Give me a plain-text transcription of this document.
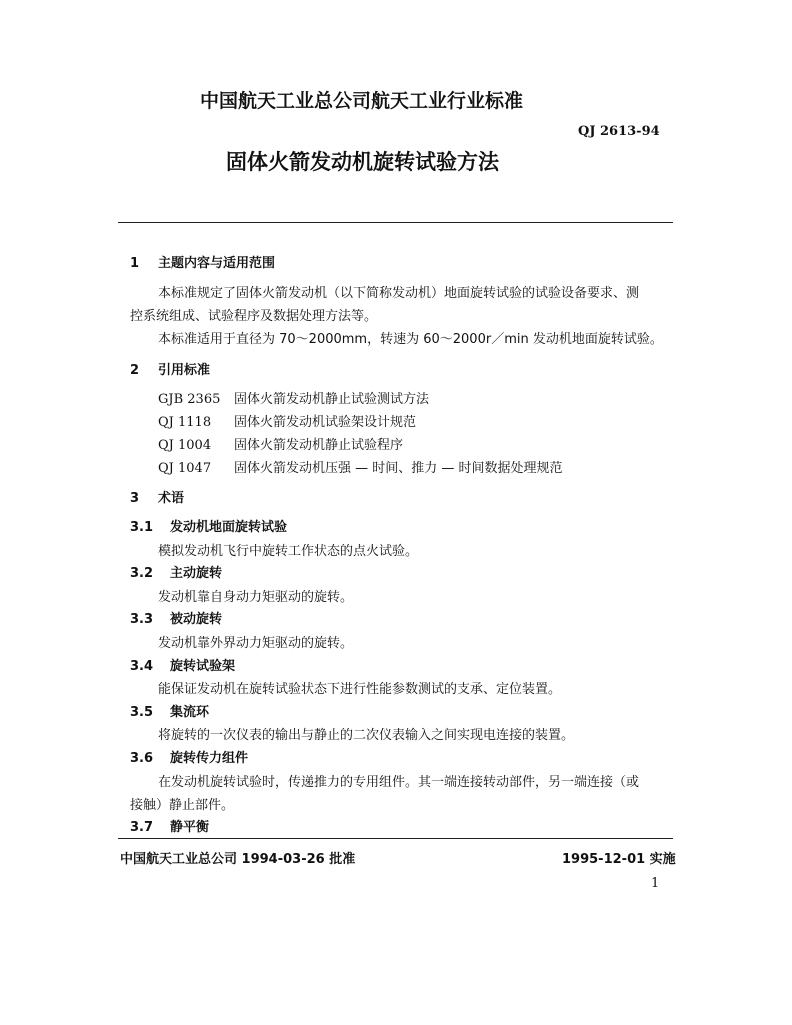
中国航天工业总公司航天工业行业标准
QJ 2613-94
固体火箭发动机旋转试验方法
1 主题内容与适用范围
本标准规定了固体火箭发动机（以下简称发动机）地面旋转试验的试验设备要求、测
控系统组成、试验程序及数据处理方法等。
本标准适用于直径为 70～2000mm，转速为 60～2000r／min 发动机地面旋转试验。
2 引用标准
GJB 2365 固体火箭发动机静止试验测试方法
QJ 1118 固体火箭发动机试验架设计规范
QJ 1004 固体火箭发动机静止试验程序
QJ 1047 固体火箭发动机压强 — 时间、推力 — 时间数据处理规范
3 术语
3.1 发动机地面旋转试验
模拟发动机飞行中旋转工作状态的点火试验。
3.2 主动旋转
发动机靠自身动力矩驱动的旋转。
3.3 被动旋转
发动机靠外界动力矩驱动的旋转。
3.4 旋转试验架
能保证发动机在旋转试验状态下进行性能参数测试的支承、定位装置。
3.5 集流环
将旋转的一次仪表的输出与静止的二次仪表输入之间实现电连接的装置。
3.6 旋转传力组件
在发动机旋转试验时，传递推力的专用组件。其一端连接转动部件，另一端连接（或
接触）静止部件。
3.7 静平衡
中国航天工业总公司 1994-03-26 批准	1995-12-01 实施
1
